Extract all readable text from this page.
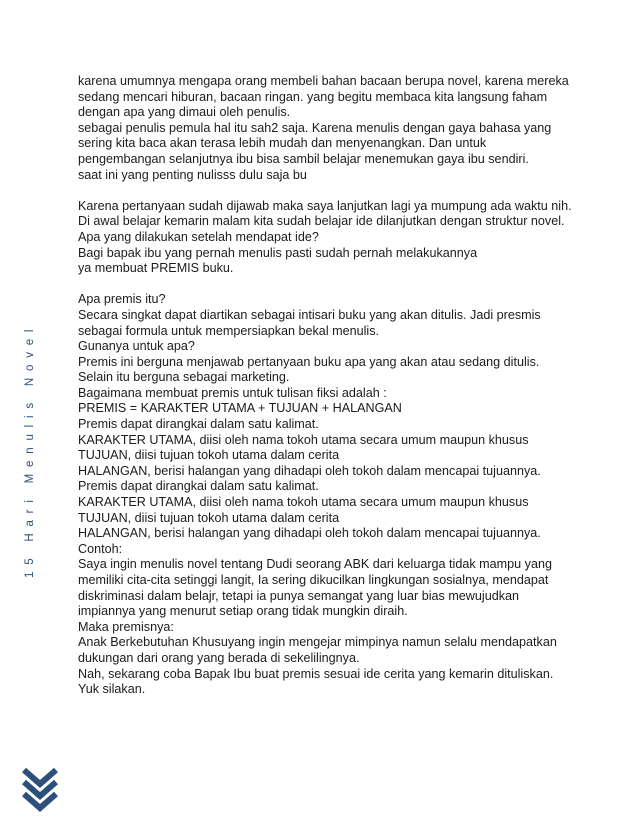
15 Hari Menulis Novel
karena umumnya mengapa orang membeli bahan bacaan berupa novel, karena mereka
sedang mencari hiburan, bacaan ringan. yang begitu membaca kita langsung faham
dengan apa yang dimaui oleh penulis.
sebagai penulis pemula hal itu sah2 saja. Karena menulis dengan gaya bahasa yang
sering kita baca akan terasa lebih mudah dan menyenangkan. Dan untuk
pengembangan selanjutnya ibu bisa sambil belajar menemukan gaya ibu sendiri.
saat ini yang penting nulisss dulu saja bu
Karena pertanyaan sudah dijawab maka saya lanjutkan lagi ya mumpung ada waktu nih.
Di awal belajar kemarin malam kita sudah belajar ide dilanjutkan dengan struktur novel.
Apa yang dilakukan setelah mendapat ide?
Bagi bapak ibu yang pernah menulis pasti sudah pernah melakukannya
ya membuat PREMIS buku.
Apa premis itu?
Secara singkat dapat diartikan sebagai intisari buku yang akan ditulis. Jadi presmis
sebagai formula untuk mempersiapkan bekal menulis.
Gunanya untuk apa?
Premis ini berguna menjawab pertanyaan buku apa yang akan atau sedang ditulis.
Selain itu berguna sebagai marketing.
Bagaimana membuat premis untuk tulisan fiksi adalah :
PREMIS = KARAKTER UTAMA + TUJUAN + HALANGAN
Premis dapat dirangkai dalam satu kalimat.
KARAKTER UTAMA, diisi oleh nama tokoh utama secara umum maupun khusus
TUJUAN, diisi tujuan tokoh utama dalam cerita
HALANGAN, berisi halangan yang dihadapi oleh tokoh dalam mencapai tujuannya.
Premis dapat dirangkai dalam satu kalimat.
KARAKTER UTAMA, diisi oleh nama tokoh utama secara umum maupun khusus
TUJUAN, diisi tujuan tokoh utama dalam cerita
HALANGAN, berisi halangan yang dihadapi oleh tokoh dalam mencapai tujuannya.
Contoh:
Saya ingin menulis novel tentang Dudi seorang ABK dari keluarga tidak mampu yang
memiliki cita-cita setinggi langit, Ia sering dikucilkan lingkungan sosialnya, mendapat
diskriminasi dalam belajr, tetapi ia punya semangat yang luar bias mewujudkan
impiannya yang menurut setiap orang tidak mungkin diraih.
Maka premisnya:
Anak Berkebutuhan Khusuyang ingin mengejar mimpinya namun selalu mendapatkan
dukungan dari orang yang berada di sekelilingnya.
Nah, sekarang coba Bapak Ibu buat premis sesuai ide cerita yang kemarin dituliskan.
Yuk silakan.
